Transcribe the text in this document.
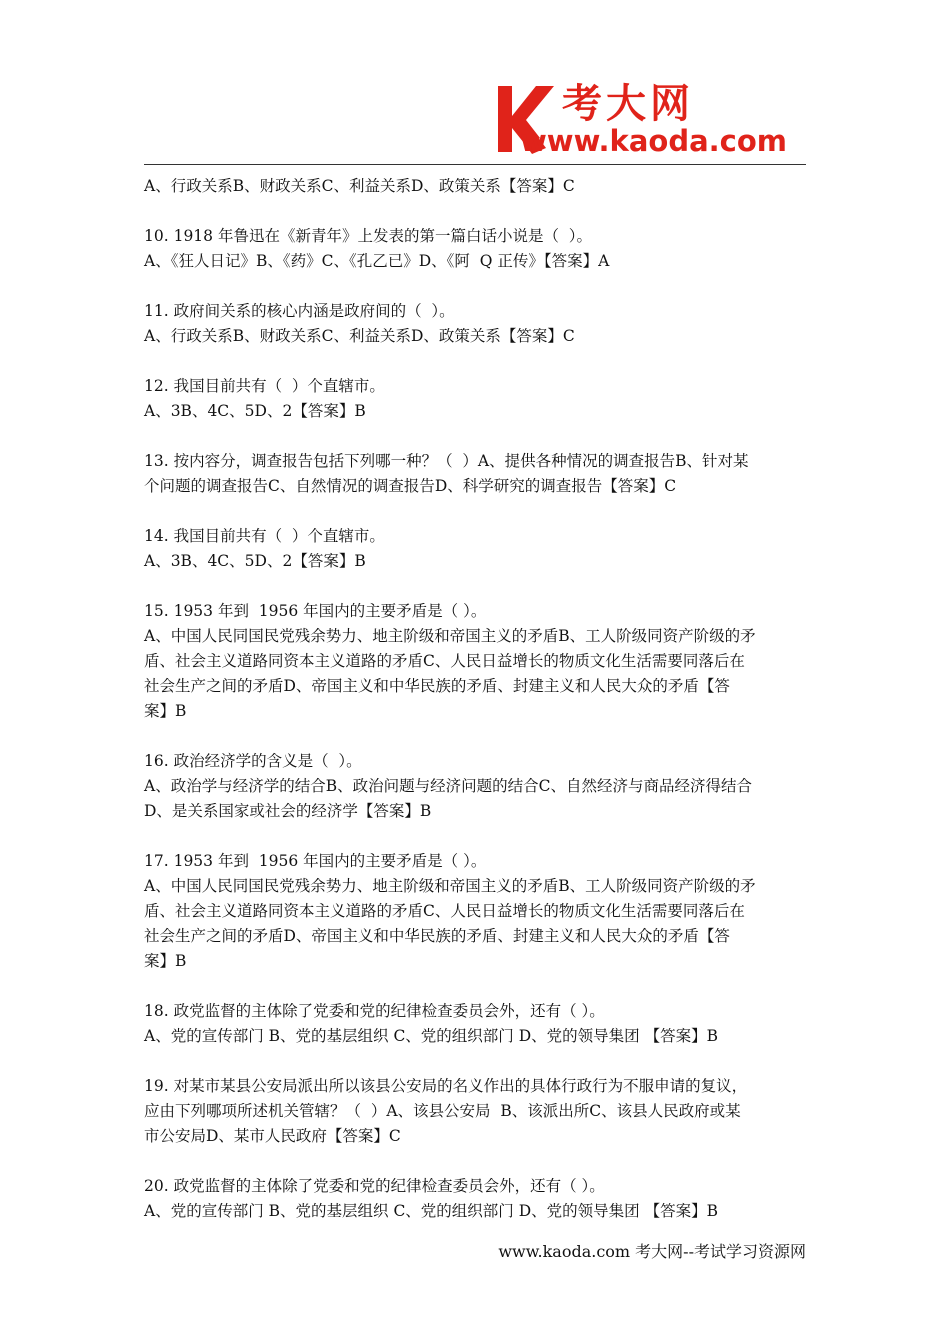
考大网
www.kaoda.com

A、行政关系B、财政关系C、利益关系D、政策关系【答案】C

10. 1918 年鲁迅在《新青年》上发表的第一篇白话小说是（  ）。

A、《狂人日记》B、《药》C、《孔乙已》D、《阿  Q 正传》【答案】A

11. 政府间关系的核心内涵是政府间的（  ）。

A、行政关系B、财政关系C、利益关系D、政策关系【答案】C

12. 我国目前共有（  ）个直辖市。

A、3B、4C、5D、2【答案】B

13. 按内容分，调查报告包括下列哪一种？（  ）A、提供各种情况的调查报告B、针对某

个问题的调查报告C、自然情况的调查报告D、科学研究的调查报告【答案】C

14. 我国目前共有（  ）个直辖市。

A、3B、4C、5D、2【答案】B

15. 1953 年到  1956 年国内的主要矛盾是（ ）。

A、中国人民同国民党残余势力、地主阶级和帝国主义的矛盾B、工人阶级同资产阶级的矛

盾、社会主义道路同资本主义道路的矛盾C、人民日益增长的物质文化生活需要同落后在

社会生产之间的矛盾D、帝国主义和中华民族的矛盾、封建主义和人民大众的矛盾【答

案】B

16. 政治经济学的含义是（  ）。

A、政治学与经济学的结合B、政治问题与经济问题的结合C、自然经济与商品经济得结合

D、是关系国家或社会的经济学【答案】B

17. 1953 年到  1956 年国内的主要矛盾是（ ）。

A、中国人民同国民党残余势力、地主阶级和帝国主义的矛盾B、工人阶级同资产阶级的矛

盾、社会主义道路同资本主义道路的矛盾C、人民日益增长的物质文化生活需要同落后在

社会生产之间的矛盾D、帝国主义和中华民族的矛盾、封建主义和人民大众的矛盾【答

案】B

18. 政党监督的主体除了党委和党的纪律检查委员会外，还有（ ）。

A、党的宣传部门 B、党的基层组织 C、党的组织部门 D、党的领导集团 【答案】B

19. 对某市某县公安局派出所以该县公安局的名义作出的具体行政行为不服申请的复议，

应由下列哪项所述机关管辖？（  ）A、该县公安局  B、该派出所C、该县人民政府或某

市公安局D、某市人民政府【答案】C

20. 政党监督的主体除了党委和党的纪律检查委员会外，还有（ ）。

A、党的宣传部门 B、党的基层组织 C、党的组织部门 D、党的领导集团 【答案】B

www.kaoda.com 考大网--考试学习资源网
